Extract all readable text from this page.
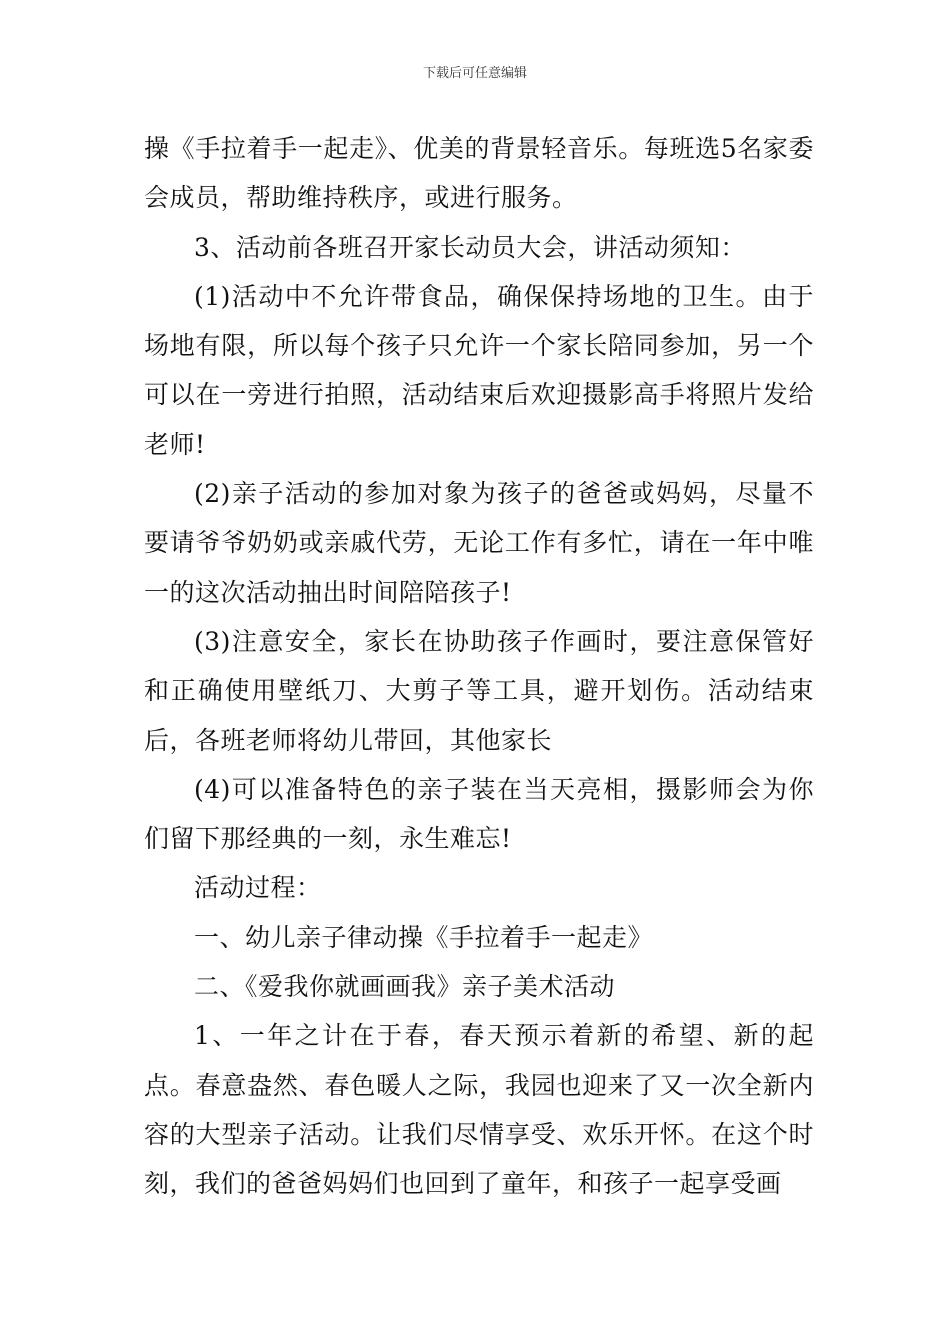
下载后可任意编辑

操《手拉着手一起走》、优美的背景轻音乐。每班选5名家委会成员，帮助维持秩序，或进行服务。

3、活动前各班召开家长动员大会，讲活动须知：

(1)活动中不允许带食品，确保保持场地的卫生。由于场地有限，所以每个孩子只允许一个家长陪同参加，另一个可以在一旁进行拍照，活动结束后欢迎摄影高手将照片发给老师!

(2)亲子活动的参加对象为孩子的爸爸或妈妈，尽量不要请爷爷奶奶或亲戚代劳，无论工作有多忙，请在一年中唯一的这次活动抽出时间陪陪孩子!

(3)注意安全，家长在协助孩子作画时，要注意保管好和正确使用壁纸刀、大剪子等工具，避开划伤。活动结束后，各班老师将幼儿带回，其他家长

(4)可以准备特色的亲子装在当天亮相，摄影师会为你们留下那经典的一刻，永生难忘!

活动过程：

一、幼儿亲子律动操《手拉着手一起走》

二、《爱我你就画画我》亲子美术活动

1、一年之计在于春，春天预示着新的希望、新的起点。春意盎然、春色暖人之际，我园也迎来了又一次全新内容的大型亲子活动。让我们尽情享受、欢乐开怀。在这个时刻，我们的爸爸妈妈们也回到了童年，和孩子一起享受画
